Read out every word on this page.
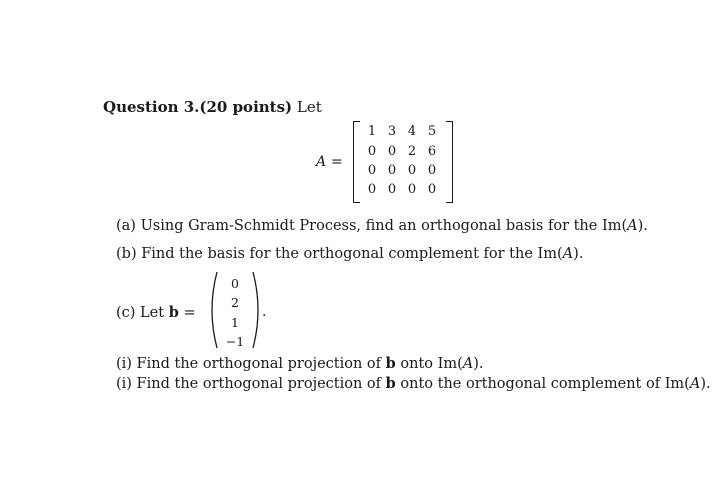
Question 3.(20 points) Let
A =
1 3 4 5
0 0 2 6
0 0 0 0
0 0 0 0
(a) Using Gram-Schmidt Process, find an orthogonal basis for the Im(A).
(b) Find the basis for the orthogonal complement for the Im(A).
(c) Let b =
0
2
1
−1
.
(i) Find the orthogonal projection of b onto Im(A).
(i) Find the orthogonal projection of b onto the orthogonal complement of Im(A).
